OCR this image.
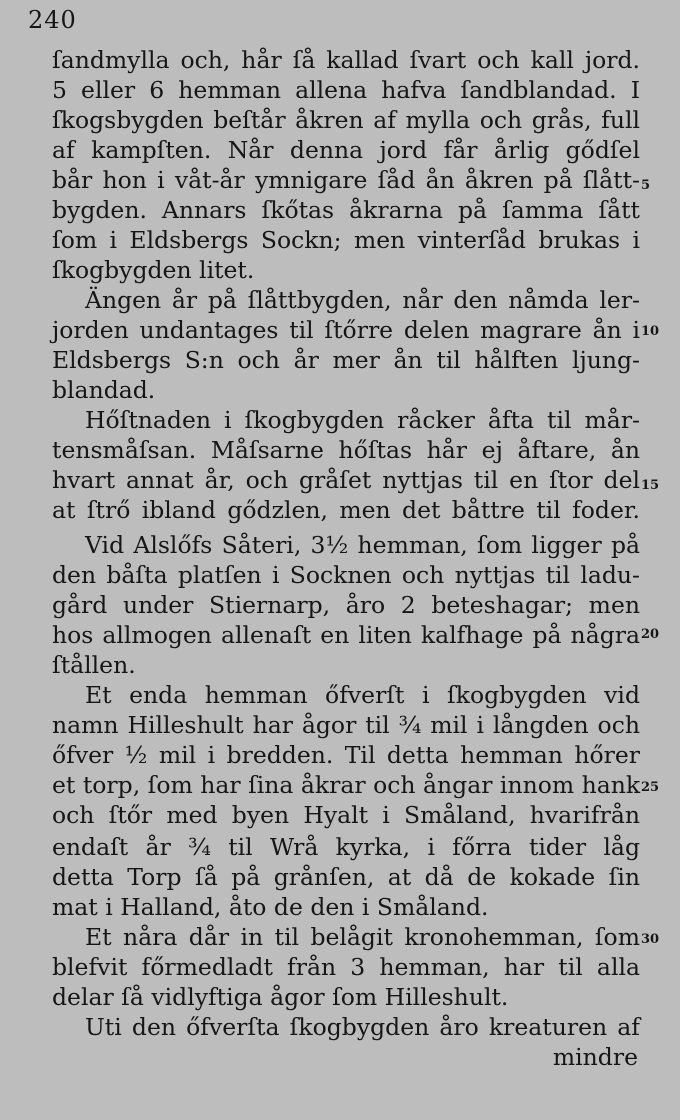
240
ſandmylla och, hår ſå kallad ſvart och kall jord.
5 eller 6 hemman allena hafva ſandblandad. I
ſkogsbygden beſtår åkren af mylla och grås, full
af kampſten. Når denna jord får årlig gődſel
bår hon i våt-år ymnigare ſåd ån åkren på ſlått-
bygden. Annars ſkőtas åkrarna på ſamma ſått
ſom i Eldsbergs Sockn; men vinterſåd brukas i
ſkogbygden litet.
Ängen år på ſlåttbygden, når den nåmda ler-
jorden undantages til ſtőrre delen magrare ån i
Eldsbergs S:n och år mer ån til hålften ljung-
blandad.
Hőſtnaden i ſkogbygden råcker åfta til mår-
tensmåſsan. Måſsarne hőſtas hår ej åftare, ån
hvart annat år, och gråſet nyttjas til en ſtor del
at ſtrő ibland gődzlen, men det båttre til foder.
Vid Alslőfs Såteri, 3½ hemman, ſom ligger på
den båſta platſen i Socknen och nyttjas til ladu-
gård under Stiernarp, åro 2 beteshagar; men
hos allmogen allenaſt en liten kalfhage på några
ſtållen.
Et enda hemman őfverſt i ſkogbygden vid
namn Hilleshult har ågor til ¾ mil i långden och
őfver ½ mil i bredden. Til detta hemman hőrer
et torp, ſom har ſina åkrar och ångar innom hank
och ſtőr med byen Hyalt i Småland, hvarifrån
endaſt år ¾ til Wrå kyrka, i főrra tider låg
detta Torp ſå på grånſen, at då de kokade ſin
mat i Halland, åto de den i Småland.
Et nåra dår in til belågit kronohemman, ſom
blefvit főrmedladt från 3 hemman, har til alla
delar ſå vidlyftiga ågor ſom Hilleshult.
Uti den őfverſta ſkogbygden åro kreaturen af
mindre
5
10
15
20
25
30
